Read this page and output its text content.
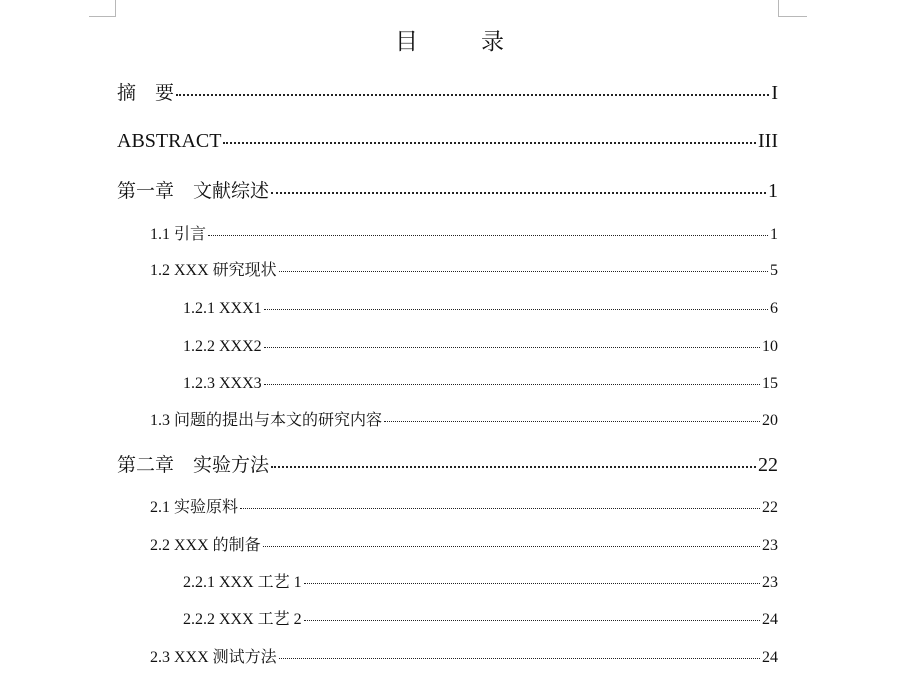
目　录
摘　要	I
ABSTRACT	III
第一章　文献综述	1
1.1 引言	1
1.2 XXX 研究现状	5
1.2.1 XXX1	6
1.2.2 XXX2	10
1.2.3 XXX3	15
1.3 问题的提出与本文的研究内容	20
第二章　实验方法	22
2.1 实验原料	22
2.2 XXX 的制备	23
2.2.1 XXX 工艺 1	23
2.2.2 XXX 工艺 2	24
2.3 XXX 测试方法	24
